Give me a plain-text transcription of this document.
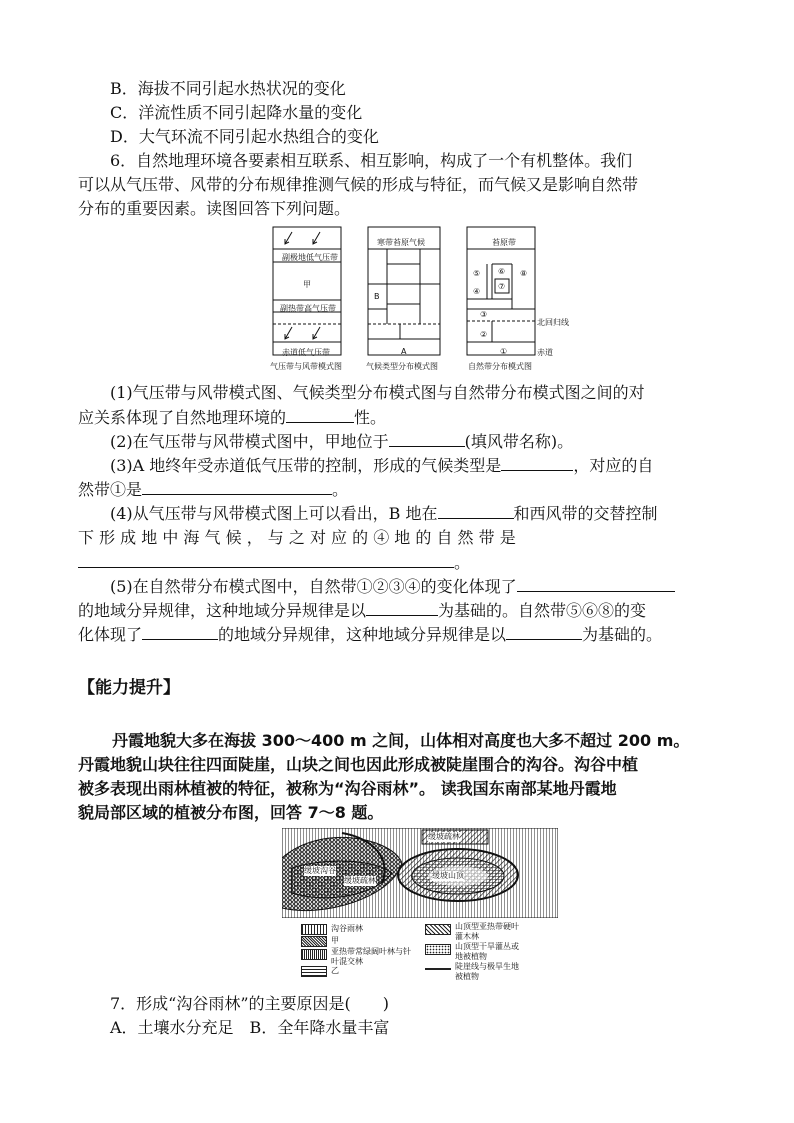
B．海拔不同引起水热状况的变化
C．洋流性质不同引起降水量的变化
D．大气环流不同引起水热组合的变化
6．自然地理环境各要素相互联系、相互影响，构成了一个有机整体。我们
可以从气压带、风带的分布规律推测气候的形成与特征，而气候又是影响自然带
分布的重要因素。读图回答下列问题。
副极地低气压带
甲
副热带高气压带
赤道低气压带
气压带与风带模式图
寒带苔原气候
B
A
气候类型分布模式图
苔原带
⑤ ⑥
⑦
⑧
④
③
②
①
北回归线
赤道
自然带分布模式图
(1)气压带与风带模式图、气候类型分布模式图与自然带分布模式图之间的对
应关系体现了自然地理环境的	性。
(2)在气压带与风带模式图中，甲地位于	(填风带名称)。
(3)A 地终年受赤道低气压带的控制，形成的气候类型是	，对应的自
然带①是	。
(4)从气压带与风带模式图上可以看出，B 地在	和西风带的交替控制
下 形 成 地 中 海 气 候 ， 与 之 对 应 的 ④ 地 的 自 然 带 是
。
(5)在自然带分布模式图中，自然带①②③④的变化体现了
的地域分异规律，这种地域分异规律是以	为基础的。自然带⑤⑥⑧的变
化体现了	的地域分异规律，这种地域分异规律是以	为基础的。
【能力提升】
丹霞地貌大多在海拔 300～400 m 之间，山体相对高度也大多不超过 200 m。
丹霞地貌山块往往四面陡崖，山块之间也因此形成被陡崖围合的沟谷。沟谷中植
被多表现出雨林植被的特征，被称为“沟谷雨林”。 读我国东南部某地丹霞地
貌局部区域的植被分布图，回答 7～8 题。
缓坡疏林
缓坡沟谷
缓坡疏林
缓坡山顶
沟谷雨林	山顶型亚热带硬叶灌木林
甲
亚热带常绿阔叶林与针叶混交林
山顶型干旱灌丛或地被植物
乙	陡崖线与极旱生地被植物
7．形成“沟谷雨林”的主要原因是(　　)
A．土壤水分充足　B．全年降水量丰富
